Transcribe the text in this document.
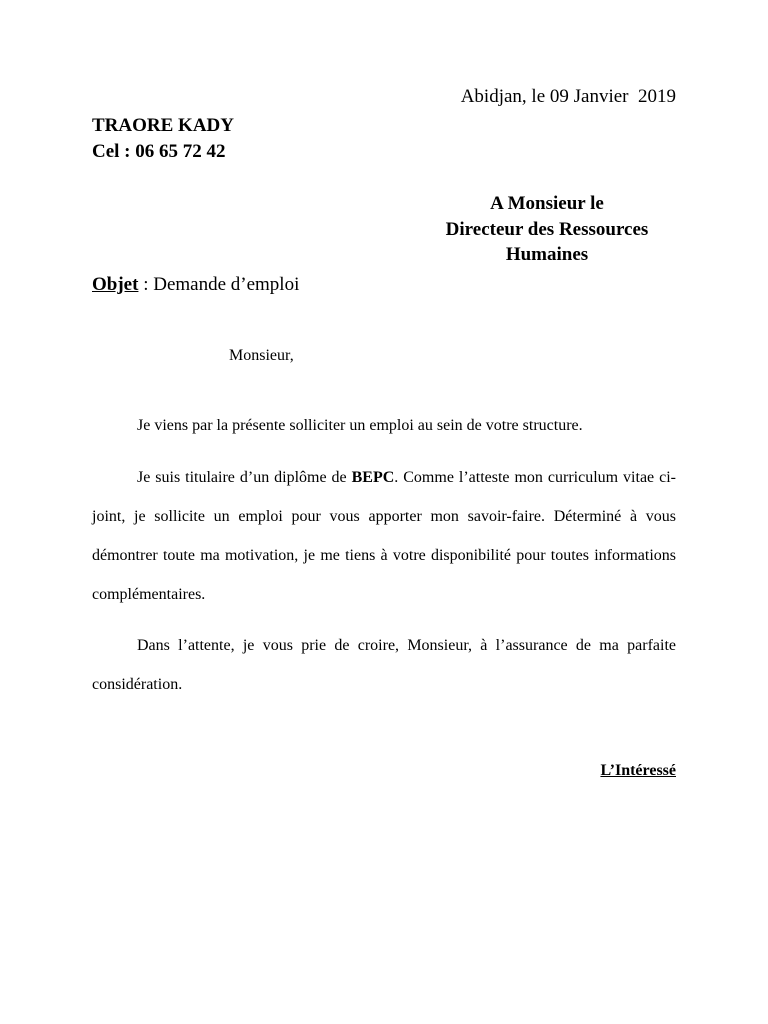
Abidjan, le 09 Janvier  2019
TRAORE KADY
Cel : 06 65 72 42
A Monsieur le
Directeur des Ressources
Humaines
Objet : Demande d’emploi
Monsieur,

Je viens par la présente solliciter un emploi au sein de votre structure.

Je suis titulaire d’un diplôme de BEPC. Comme l’atteste mon curriculum vitae ci-joint, je sollicite un emploi pour vous apporter mon savoir-faire. Déterminé à vous démontrer toute ma motivation, je me tiens à votre disponibilité pour toutes informations complémentaires.

Dans l’attente, je vous prie de croire, Monsieur, à l’assurance de ma parfaite considération.

L’Intéressé
